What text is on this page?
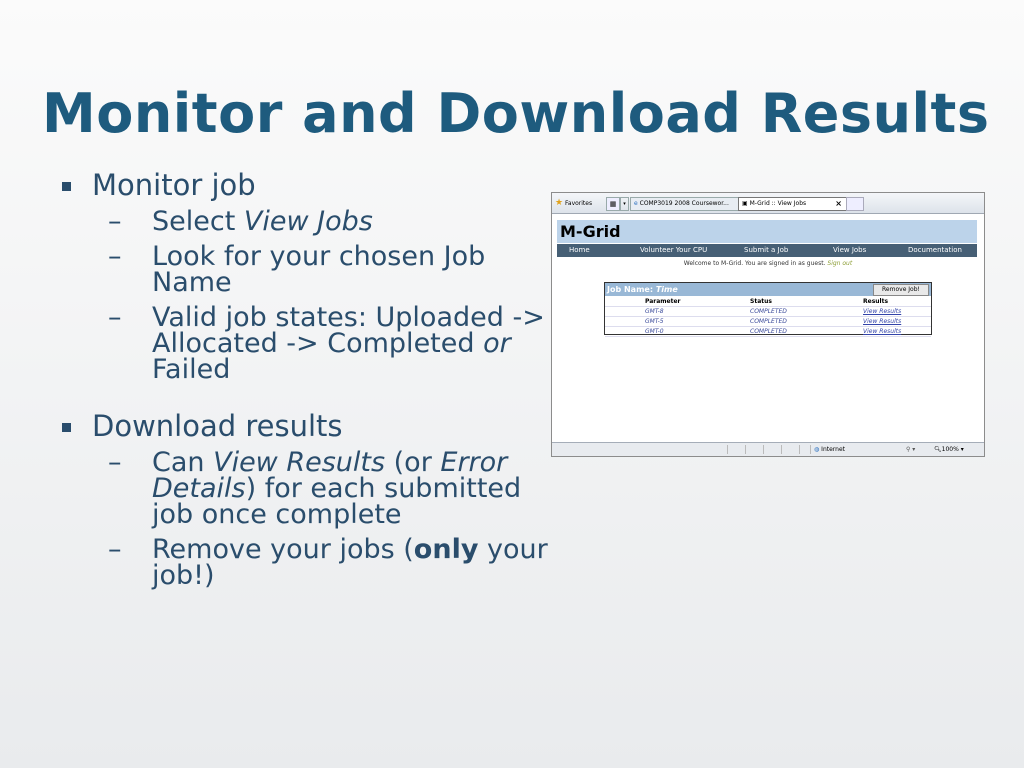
Monitor and Download Results
Monitor job
– Select View Jobs
– Look for your chosen Job
Name
– Valid job states: Uploaded ->
Allocated -> Completed or
Failed
Download results
– Can View Results (or Error
Details) for each submitted
job once complete
– Remove your jobs (only your
job!)
★ Favorites	▦	▾	e COMP3019 2008 Coursewor...	▣ M-Grid :: View Jobs	×
M-Grid
Home	Volunteer Your CPU	Submit a Job	View Jobs	Documentation
Welcome to M-Grid. You are signed in as guest. Sign out
Job Name: Time	Remove Job!
Parameter	Status	Results
GMT-8	COMPLETED	View Results
GMT-5	COMPLETED	View Results
GMT-0	COMPLETED	View Results
◍ Internet	⚲ ▾	🔍︎100% ▾
